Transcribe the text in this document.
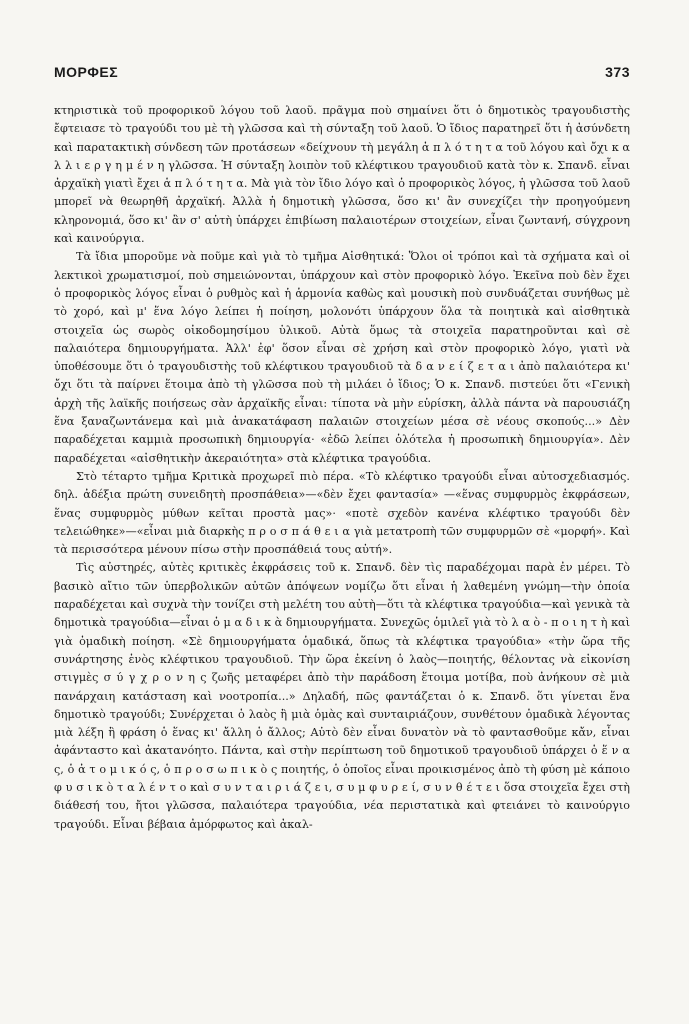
ΜΟΡΦΕΣ	373

κτηριστικὰ τοῦ προφορικοῦ λόγου τοῦ λαοῦ. πρᾶγμα ποὺ σημαίνει ὅτι ὁ δημοτικὸς τραγουδιστὴς ἔφτειασε τὸ τραγούδι του μὲ τὴ γλῶσσα καὶ τὴ σύνταξη τοῦ λαοῦ. Ὁ ἴδιος παρατηρεῖ ὅτι ἡ ἀσύνδετη καὶ παρατακτικὴ σύνδεση τῶν προτάσεων «δείχνουν τὴ μεγάλη ἁ π λ ό τ η τ α τοῦ λόγου καὶ ὄχι κ α λ λ ι ε ρ γ η μ έ ν η γλῶσσα. Ἡ σύνταξη λοιπὸν τοῦ κλέφτικου τραγουδιοῦ κατὰ τὸν κ. Σπανδ. εἶναι ἀρχαϊκὴ γιατὶ ἔχει ἁ π λ ό τ η τ α. Μὰ γιὰ τὸν ἴδιο λόγο καὶ ὁ προφορικὸς λόγος, ἡ γλῶσσα τοῦ λαοῦ μπορεῖ νὰ θεωρηθῆ ἀρχαϊκή. Ἀλλὰ ἡ δημοτικὴ γλῶσσα, ὅσο κι' ἂν συνεχίζει τὴν προηγούμενη κληρονομιά, ὅσο κι' ἂν σ' αὐτὴ ὑπάρχει ἐπιβίωση παλαιοτέρων στοιχείων, εἶναι ζωντανή, σύγχρονη καὶ καινούργια.

Τὰ ἴδια μποροῦμε νὰ ποῦμε καὶ γιὰ τὸ τμῆμα Αἰσθητικά: Ὅλοι οἱ τρόποι καὶ τὰ σχήματα καὶ οἱ λεκτικοὶ χρωματισμοί, ποὺ σημειώνονται, ὑπάρχουν καὶ στὸν προφορικὸ λόγο. Ἐκεῖνα ποὺ δὲν ἔχει ὁ προφορικὸς λόγος εἶναι ὁ ρυθμὸς καὶ ἡ ἁρμονία καθὼς καὶ μουσικὴ ποὺ συνδυάζεται συνήθως μὲ τὸ χορό, καὶ μ' ἕνα λόγο λείπει ἡ ποίηση, μολονότι ὑπάρχουν ὅλα τὰ ποιητικὰ καὶ αἰσθητικὰ στοιχεῖα ὡς σωρὸς οἰκοδομησίμου ὑλικοῦ. Αὐτὰ ὅμως τὰ στοιχεῖα παρατηροῦνται καὶ σὲ παλαιότερα δημιουργήματα. Ἀλλ' ἐφ' ὅσον εἶναι σὲ χρήση καὶ στὸν προφορικὸ λόγο, γιατὶ νὰ ὑποθέσουμε ὅτι ὁ τραγουδιστὴς τοῦ κλέφτικου τραγουδιοῦ τὰ δ α ν ε ί ζ ε τ α ι ἀπὸ παλαιότερα κι' ὄχι ὅτι τὰ παίρνει ἕτοιμα ἀπὸ τὴ γλῶσσα ποὺ τὴ μιλάει ὁ ἴδιος; Ὁ κ. Σπανδ. πιστεύει ὅτι «Γενικὴ ἀρχὴ τῆς λαϊκῆς ποιήσεως σὰν ἀρχαϊκῆς εἶναι: τίποτα νὰ μὴν εὑρίσκη, ἀλλὰ πάντα νὰ παρουσιάζη ἕνα ξαναζωντάνεμα καὶ μιὰ ἀνακατάφαση παλαιῶν στοιχείων μέσα σὲ νέους σκοπούς...» Δὲν παραδέχεται καμμιὰ προσωπικὴ δημιουργία· «ἐδῶ λείπει ὁλότελα ἡ προσωπικὴ δημιουργία». Δὲν παραδέχεται «αἰσθητικὴν ἀκεραιότητα» στὰ κλέφτικα τραγούδια.

Στὸ τέταρτο τμῆμα Κριτικὰ προχωρεῖ πιὸ πέρα. «Τὸ κλέφτικο τραγούδι εἶναι αὐτοσχεδιασμός. δηλ. ἀδέξια πρώτη συνειδητὴ προσπάθεια»—«δὲν ἔχει φαντασία» —«ἕνας συμφυρμὸς ἐκφράσεων, ἕνας συμφυρμὸς μύθων κεῖται προστὰ μας»· «ποτὲ σχεδὸν κανένα κλέφτικο τραγούδι δὲν τελειώθηκε»—«εἶναι μιὰ διαρκὴς π ρ ο σ π ά θ ε ι α γιὰ μετατροπὴ τῶν συμφυρμῶν σὲ «μορφή». Καὶ τὰ περισσότερα μένουν πίσω στὴν προσπάθειά τους αὐτή».

Τὶς αὐστηρές, αὐτὲς κριτικὲς ἐκφράσεις τοῦ κ. Σπανδ. δὲν τὶς παραδέχομαι παρὰ ἐν μέρει. Τὸ βασικὸ αἴτιο τῶν ὑπερβολικῶν αὐτῶν ἀπόψεων νομίζω ὅτι εἶναι ἡ λαθεμένη γνώμη—τὴν ὁποία παραδέχεται καὶ συχνὰ τὴν τονίζει στὴ μελέτη του αὐτὴ—ὅτι τὰ κλέφτικα τραγούδια—καὶ γενικὰ τὰ δημοτικὰ τραγούδια—εἶναι ὁ μ α δ ι κ ὰ δημιουργήματα. Συνεχῶς ὁμιλεῖ γιὰ τὸ λ α ὸ - π ο ι η τ ὴ καὶ γιὰ ὁμαδικὴ ποίηση. «Σὲ δημιουργήματα ὁμαδικά, ὅπως τὰ κλέφτικα τραγούδια» «τὴν ὥρα τῆς συνάρτησης ἑνὸς κλέφτικου τραγουδιοῦ. Τὴν ὥρα ἐκείνη ὁ λαὸς—ποιητής, θέλοντας νὰ εἰκονίση στιγμὲς σ ύ γ χ ρ ο ν η ς ζωῆς μεταφέρει ἀπὸ τὴν παράδοση ἕτοιμα μοτίβα, ποὺ ἀνήκουν σὲ μιὰ πανάρχαιη κατάσταση καὶ νοοτροπία...» Δηλαδή, πῶς φαντάζεται ὁ κ. Σπανδ. ὅτι γίνεται ἕνα δημοτικὸ τραγούδι; Συνέρχεται ὁ λαὸς ἢ μιὰ ὁμὰς καὶ συνταιριάζουν, συνθέτουν ὁμαδικὰ λέγοντας μιὰ λέξη ἢ φράση ὁ ἕνας κι' ἄλλη ὁ ἄλλος; Αὐτὸ δὲν εἶναι δυνατὸν νὰ τὸ φαντασθοῦμε κἄν, εἶναι ἀφάνταστο καὶ ἀκατανόητο. Πάντα, καὶ στὴν περίπτωση τοῦ δημοτικοῦ τραγουδιοῦ ὑπάρχει ὁ ἕ ν α ς, ὁ ἀ τ ο μ ι κ ό ς, ὁ π ρ ο σ ω π ι κ ὸ ς ποιητής, ὁ ὁποῖος εἶναι προικισμένος ἀπὸ τὴ φύση μὲ κάποιο φ υ σ ι κ ὸ τ α λ έ ν τ ο καὶ σ υ ν τ α ι ρ ι ά ζ ε ι, σ υ μ φ υ ρ ε ί, σ υ ν θ έ τ ε ι ὅσα στοιχεῖα ἔχει στὴ διάθεσή του, ἤτοι γλῶσσα, παλαιότερα τραγούδια, νέα περιστατικὰ καὶ φτειάνει τὸ καινούργιο τραγούδι. Εἶναι βέβαια ἀμόρφωτος καὶ ἀκαλ-
